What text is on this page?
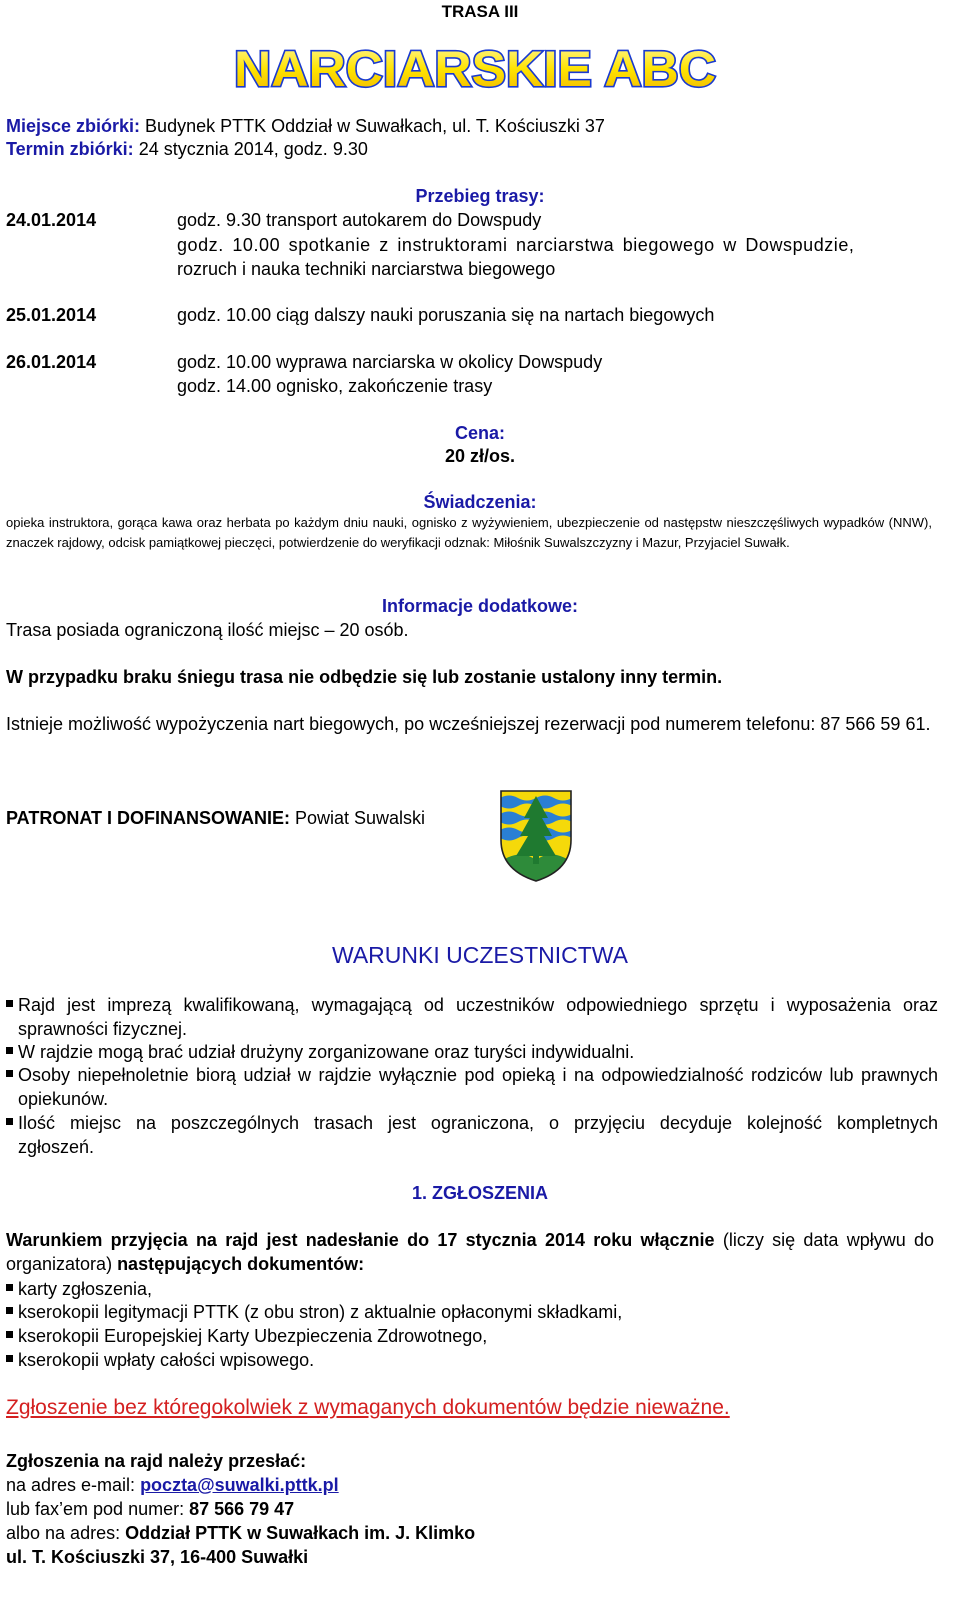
TRASA III
NARCIARSKIE ABC
Miejsce zbiórki: Budynek PTTK Oddział w Suwałkach, ul. T. Kościuszki 37
Termin zbiórki: 24 stycznia 2014, godz. 9.30
Przebieg trasy:
24.01.2014	godz. 9.30 transport autokarem do Dowspudy
godz. 10.00 spotkanie z instruktorami narciarstwa biegowego w Dowspudzie,
rozruch i nauka techniki narciarstwa biegowego
25.01.2014	godz. 10.00 ciąg dalszy nauki poruszania się na nartach biegowych
26.01.2014	godz. 10.00 wyprawa narciarska w okolicy Dowspudy
godz. 14.00 ognisko, zakończenie trasy
Cena:
20 zł/os.
Świadczenia:
opieka instruktora, gorąca kawa oraz herbata po każdym dniu nauki, ognisko z wyżywieniem, ubezpieczenie od następstw nieszczęśliwych wypadków (NNW), znaczek rajdowy, odcisk pamiątkowej pieczęci, potwierdzenie do weryfikacji odznak: Miłośnik Suwalszczyzny i Mazur, Przyjaciel Suwałk.
Informacje dodatkowe:
Trasa posiada ograniczoną ilość miejsc – 20 osób.
W przypadku braku śniegu trasa nie odbędzie się lub zostanie ustalony inny termin.
Istnieje możliwość wypożyczenia nart biegowych, po wcześniejszej rezerwacji pod numerem telefonu: 87 566 59 61.
PATRONAT I DOFINANSOWANIE: Powiat Suwalski
WARUNKI UCZESTNICTWA
Rajd jest imprezą kwalifikowaną, wymagającą od uczestników odpowiedniego sprzętu i wyposażenia oraz sprawności fizycznej.
W rajdzie mogą brać udział drużyny zorganizowane oraz turyści indywidualni.
Osoby niepełnoletnie biorą udział w rajdzie wyłącznie pod opieką i na odpowiedzialność rodziców lub prawnych opiekunów.
Ilość miejsc na poszczególnych trasach jest ograniczona, o przyjęciu decyduje kolejność kompletnych zgłoszeń.
1. ZGŁOSZENIA
Warunkiem przyjęcia na rajd jest nadesłanie do 17 stycznia 2014 roku włącznie (liczy się data wpływu do organizatora) następujących dokumentów:
karty zgłoszenia,
kserokopii legitymacji PTTK (z obu stron) z aktualnie opłaconymi składkami,
kserokopii Europejskiej Karty Ubezpieczenia Zdrowotnego,
kserokopii wpłaty całości wpisowego.
Zgłoszenie bez któregokolwiek z wymaganych dokumentów będzie nieważne.
Zgłoszenia na rajd należy przesłać:
na adres e-mail: poczta@suwalki.pttk.pl
lub fax’em pod numer: 87 566 79 47
albo na adres: Oddział PTTK w Suwałkach im. J. Klimko
ul. T. Kościuszki 37, 16-400 Suwałki
